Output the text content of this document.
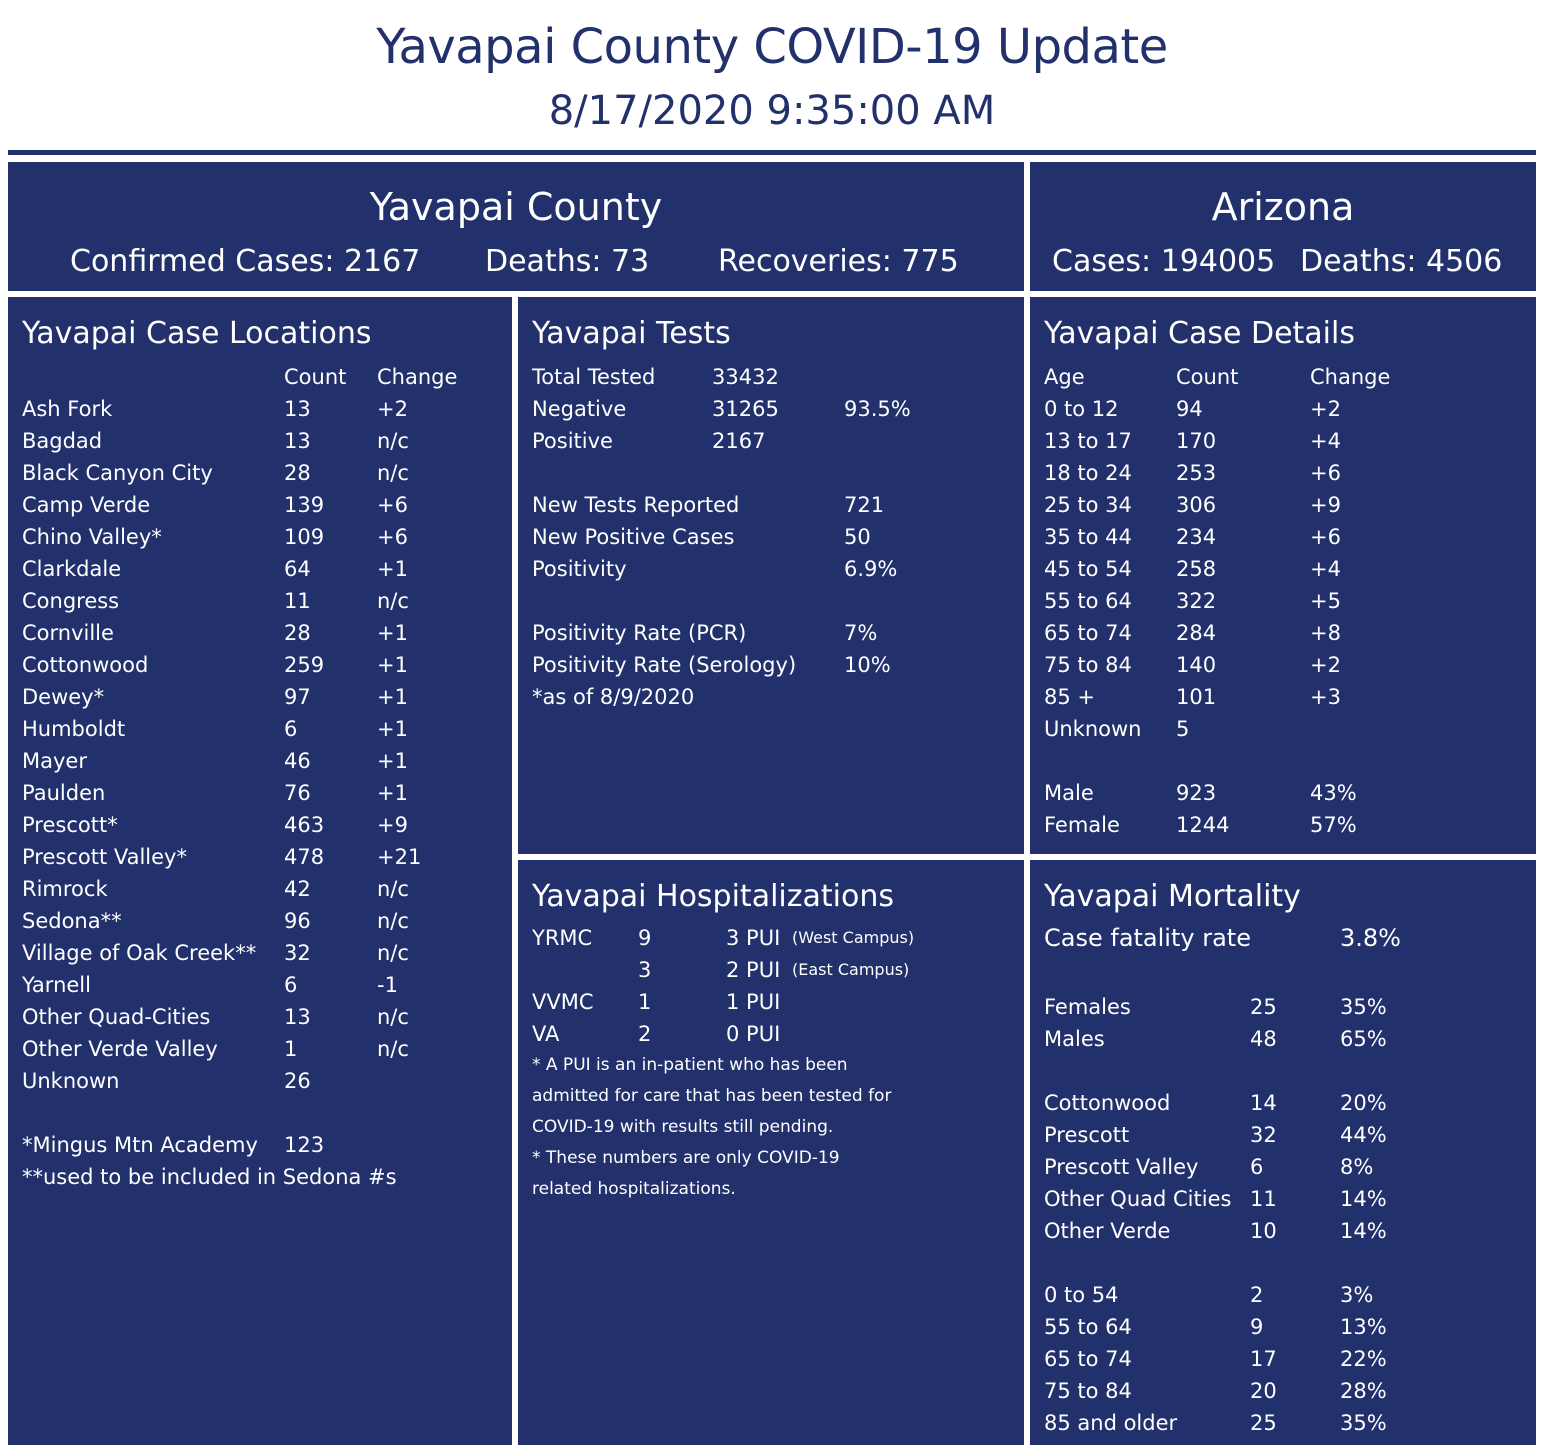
Yavapai County COVID-19 Update
8/17/2020 9:35:00 AM
Yavapai County
Confirmed Cases: 2167 Deaths: 73 Recoveries: 775
Arizona
Cases: 194005 Deaths: 4506
Yavapai Case Locations
Count Change
Ash Fork	13	+2
Bagdad	13	n/c
Black Canyon City	28	n/c
Camp Verde	139	+6
Chino Valley*	109	+6
Clarkdale	64	+1
Congress	11	n/c
Cornville	28	+1
Cottonwood	259	+1
Dewey*	97	+1
Humboldt	6	+1
Mayer	46	+1
Paulden	76	+1
Prescott*	463	+9
Prescott Valley*	478	+21
Rimrock	42	n/c
Sedona**	96	n/c
Village of Oak Creek** 32	n/c
Yarnell	6	-1
Other Quad-Cities	13	n/c
Other Verde Valley	1	n/c
Unknown	26
*Mingus Mtn Academy 123
**used to be included in Sedona #s
Yavapai Tests
Total Tested	33432
Negative	31265	93.5%
Positive	2167
New Tests Reported	721
New Positive Cases	50
Positivity	6.9%
Positivity Rate (PCR)	7%
Positivity Rate (Serology) 10%
*as of 8/9/2020
Yavapai Hospitalizations
YRMC 9	3 PUI (West Campus)
3	2 PUI (East Campus)
VVMC 1	1 PUI
VA	2	0 PUI
* A PUI is an in-patient who has been
admitted for care that has been tested for
COVID-19 with results still pending.
* These numbers are only COVID-19
related hospitalizations.
Yavapai Case Details
Age	Count	Change
0 to 12	94	+2
13 to 17 170	+4
18 to 24 253	+6
25 to 34 306	+9
35 to 44 234	+6
45 to 54 258	+4
55 to 64 322	+5
65 to 74 284	+8
75 to 84 140	+2
85 +	101	+3
Unknown 5
Male	923	43%
Female	1244	57%
Yavapai Mortality
Case fatality rate	3.8%
Females	25	35%
Males	48	65%
Cottonwood	14	20%
Prescott	32	44%
Prescott Valley 6	8%
Other Quad Cities 11	14%
Other Verde	10	14%
0 to 54	2	3%
55 to 64	9	13%
65 to 74	17	22%
75 to 84	20	28%
85 and older	25	35%
